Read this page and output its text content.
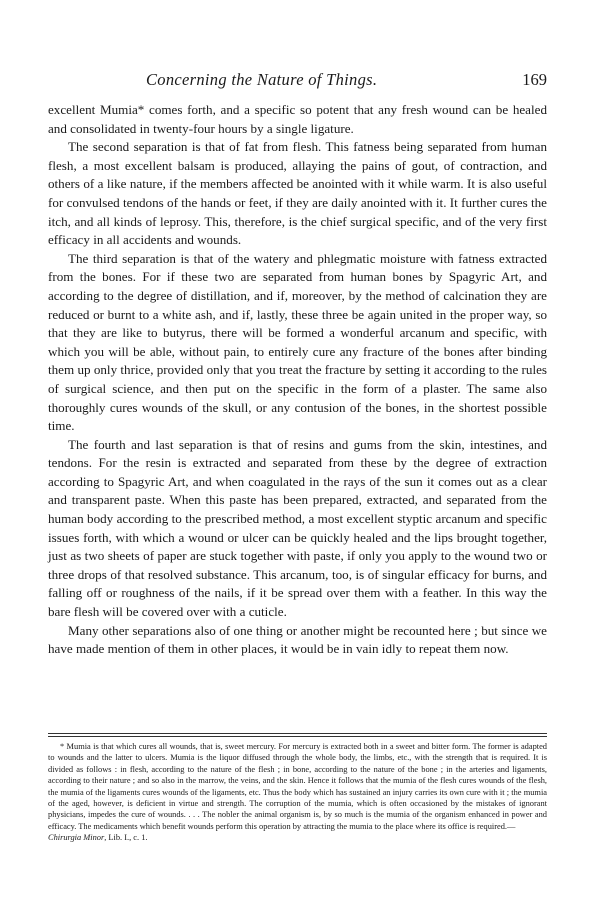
Concerning the Nature of Things.	169

excellent Mumia* comes forth, and a specific so potent that any fresh wound can be healed and consolidated in twenty-four hours by a single ligature.

The second separation is that of fat from flesh. This fatness being separated from human flesh, a most excellent balsam is produced, allaying the pains of gout, of contraction, and others of a like nature, if the members affected be anointed with it while warm. It is also useful for convulsed tendons of the hands or feet, if they are daily anointed with it. It further cures the itch, and all kinds of leprosy. This, therefore, is the chief surgical specific, and of the very first efficacy in all accidents and wounds.

The third separation is that of the watery and phlegmatic moisture with fatness extracted from the bones. For if these two are separated from human bones by Spagyric Art, and according to the degree of distillation, and if, moreover, by the method of calcination they are reduced or burnt to a white ash, and if, lastly, these three be again united in the proper way, so that they are like to butyrus, there will be formed a wonderful arcanum and specific, with which you will be able, without pain, to entirely cure any fracture of the bones after binding them up only thrice, provided only that you treat the fracture by setting it according to the rules of surgical science, and then put on the specific in the form of a plaster. The same also thoroughly cures wounds of the skull, or any contusion of the bones, in the shortest possible time.

The fourth and last separation is that of resins and gums from the skin, intestines, and tendons. For the resin is extracted and separated from these by the degree of extraction according to Spagyric Art, and when coagulated in the rays of the sun it comes out as a clear and transparent paste. When this paste has been prepared, extracted, and separated from the human body according to the prescribed method, a most excellent styptic arcanum and specific issues forth, with which a wound or ulcer can be quickly healed and the lips brought together, just as two sheets of paper are stuck together with paste, if only you apply to the wound two or three drops of that resolved substance. This arcanum, too, is of singular efficacy for burns, and falling off or roughness of the nails, if it be spread over them with a feather. In this way the bare flesh will be covered over with a cuticle.

Many other separations also of one thing or another might be recounted here ; but since we have made mention of them in other places, it would be in vain idly to repeat them now.

* Mumia is that which cures all wounds, that is, sweet mercury. For mercury is extracted both in a sweet and bitter form. The former is adapted to wounds and the latter to ulcers. Mumia is the liquor diffused through the whole body, the limbs, etc., with the strength that is required. It is divided as follows : in flesh, according to the nature of the flesh ; in bone, according to the nature of the bone ; in the arteries and ligaments, according to their nature ; and so also in the marrow, the veins, and the skin. Hence it follows that the mumia of the flesh cures wounds of the flesh, the mumia of the ligaments cures wounds of the ligaments, etc. Thus the body which has sustained an injury carries its own cure with it ; the mumia of the aged, however, is deficient in virtue and strength. The corruption of the mumia, which is often occasioned by the mistakes of ignorant physicians, impedes the cure of wounds. . . . The nobler the animal organism is, by so much is the mumia of the organism enhanced in power and efficacy. The medicaments which benefit wounds perform this operation by attracting the mumia to the place where its office is required.—
Chirurgia Minor, Lib. I., c. 1.
